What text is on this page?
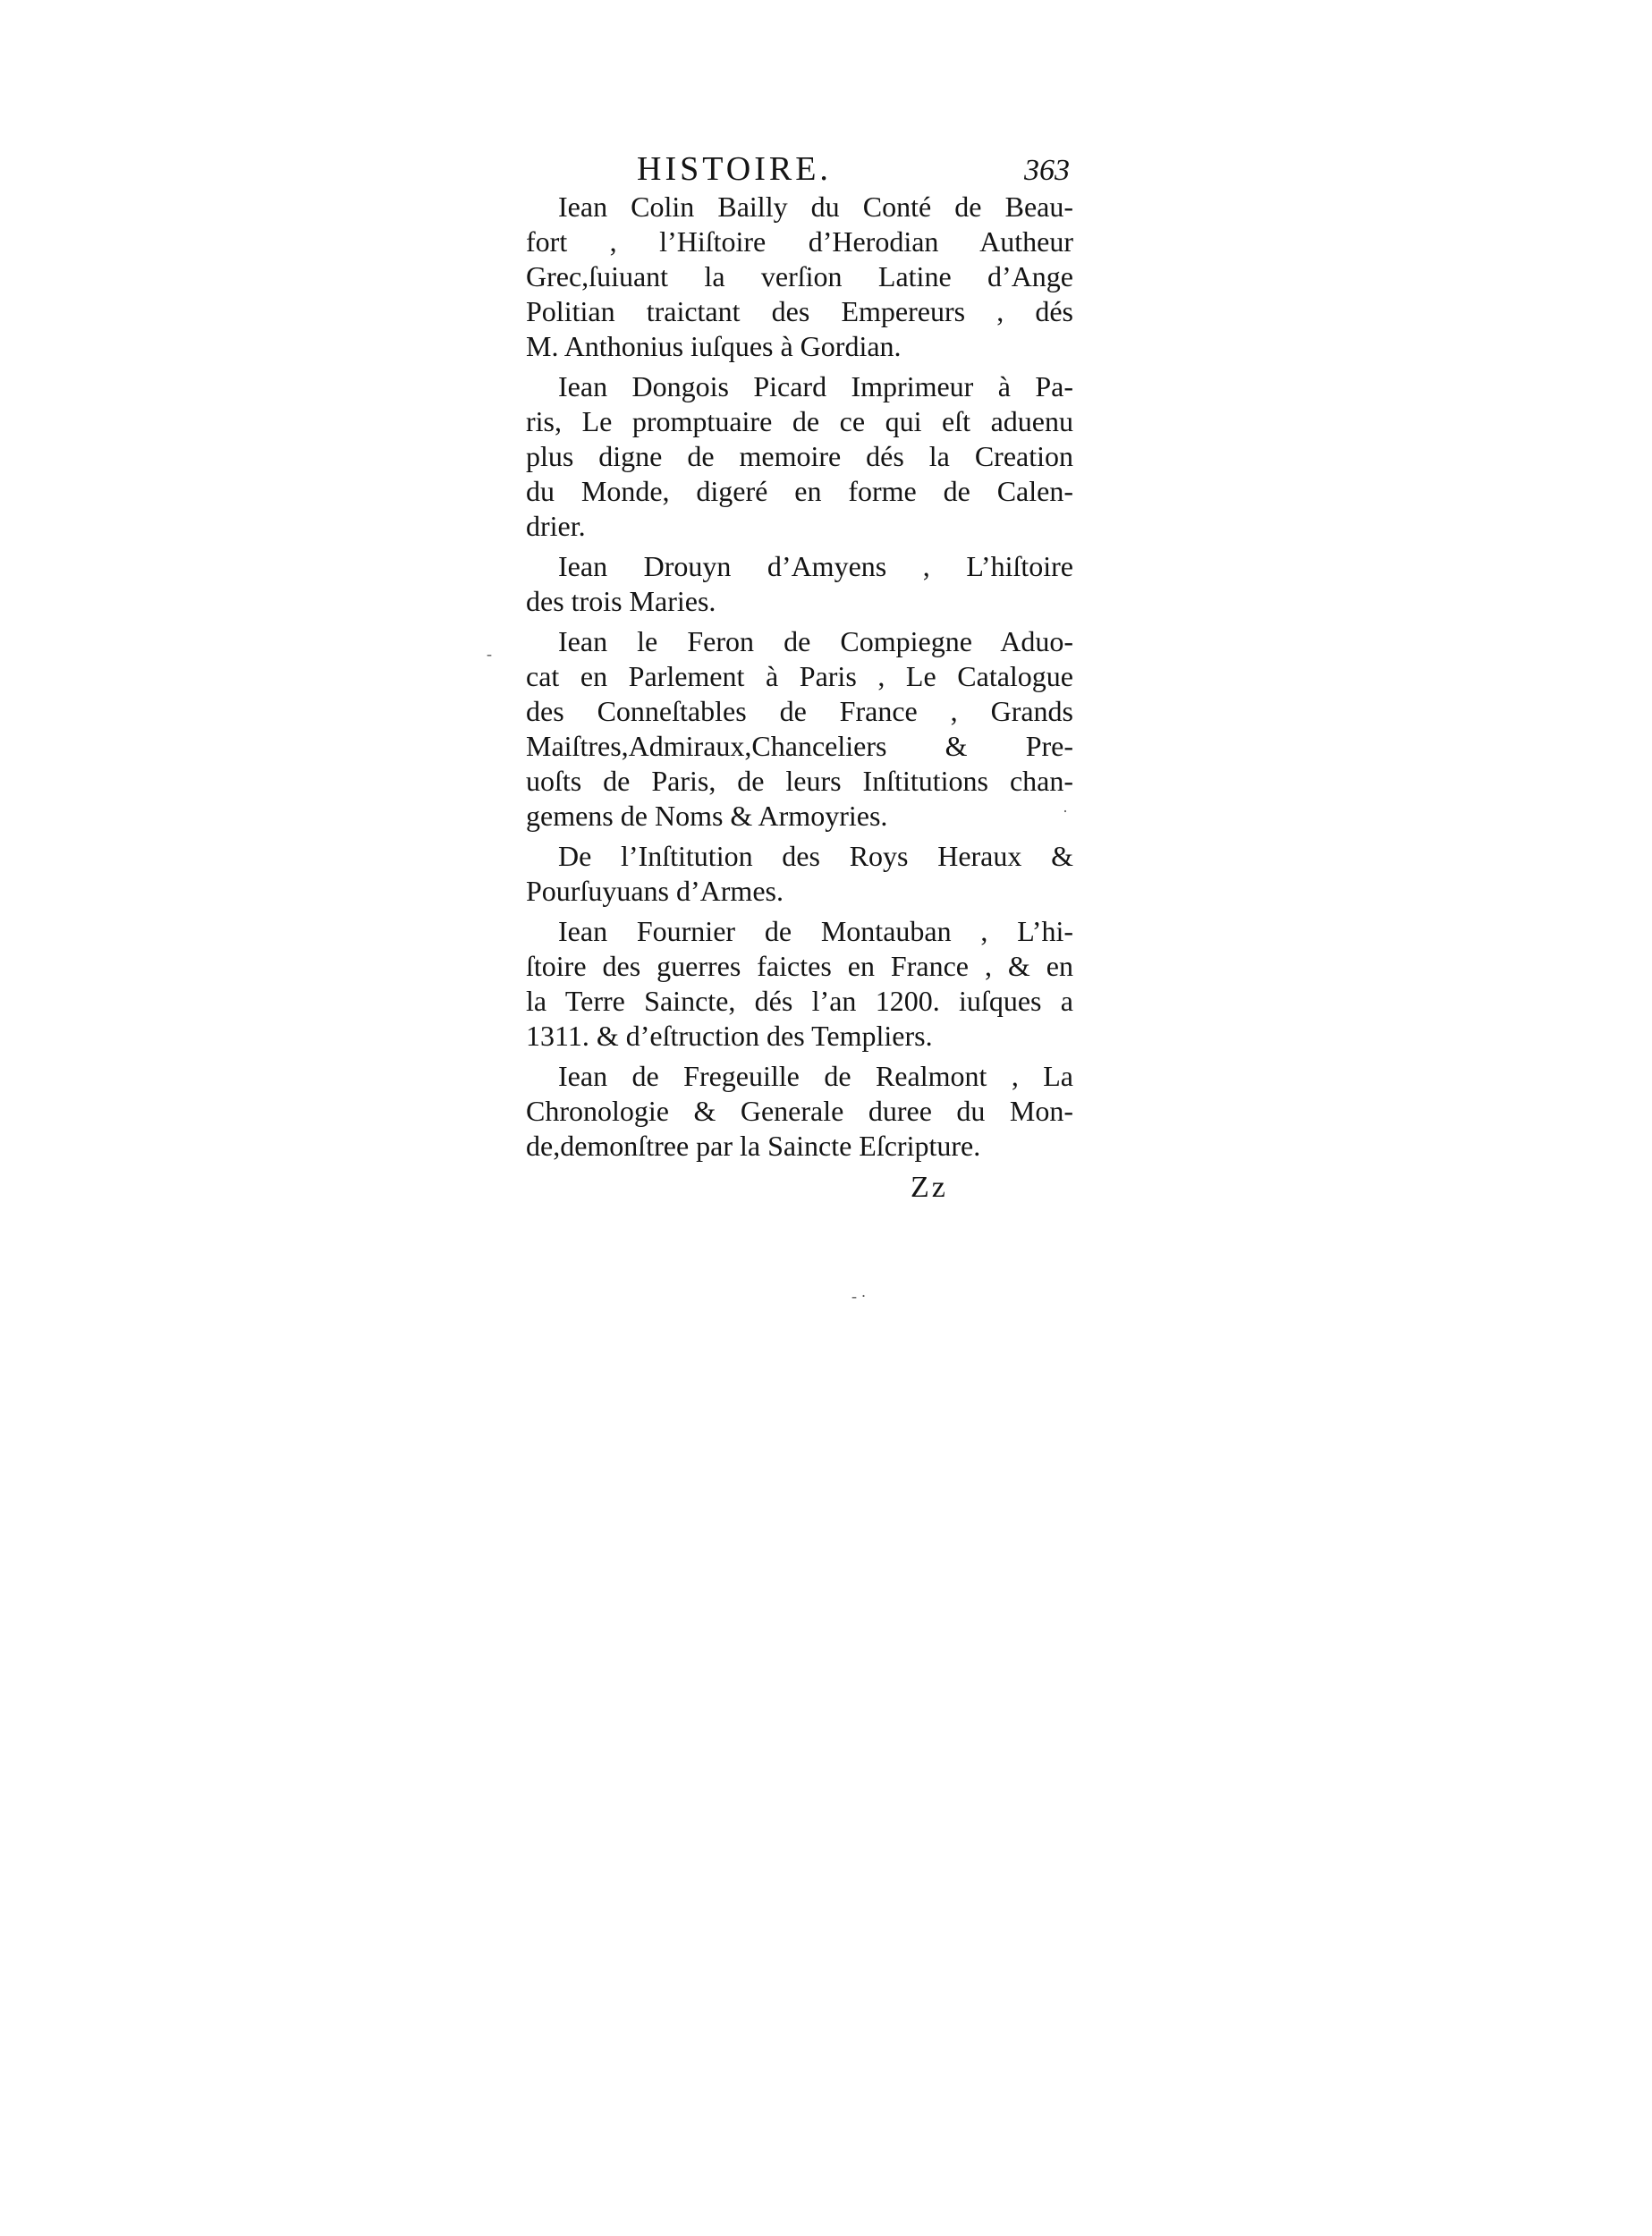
HISTOIRE.	363
Iean Colin Bailly du Conté de Beau-
fort , l’Hiſtoire d’Herodian Autheur
Grec,ſuiuant la verſion Latine d’Ange
Politian traictant des Empereurs , dés
M. Anthonius iuſques à Gordian.
Iean Dongois Picard Imprimeur à Pa-
ris, Le promptuaire de ce qui eſt aduenu
plus digne de memoire dés la Creation
du Monde, digeré en forme de Calen-
drier.
Iean Drouyn d’Amyens , L’hiſtoire
des trois Maries.
Iean le Feron de Compiegne Aduo-
cat en Parlement à Paris , Le Catalogue
des Conneſtables de France , Grands
Maiſtres,Admiraux,Chanceliers & Pre-
uoſts de Paris, de leurs Inſtitutions chan-
gemens de Noms & Armoyries.
De l’Inſtitution des Roys Heraux &
Pourſuyuans d’Armes.
Iean Fournier de Montauban , L’hi-
ſtoire des guerres faictes en France , & en
la Terre Saincte, dés l’an 1200. iuſques a
1311. & d’eſtruction des Templiers.
Iean de Fregeuille de Realmont , La
Chronologie & Generale duree du Mon-
de,demonſtree par la Saincte Eſcripture.
Zz
-
·
- ·
